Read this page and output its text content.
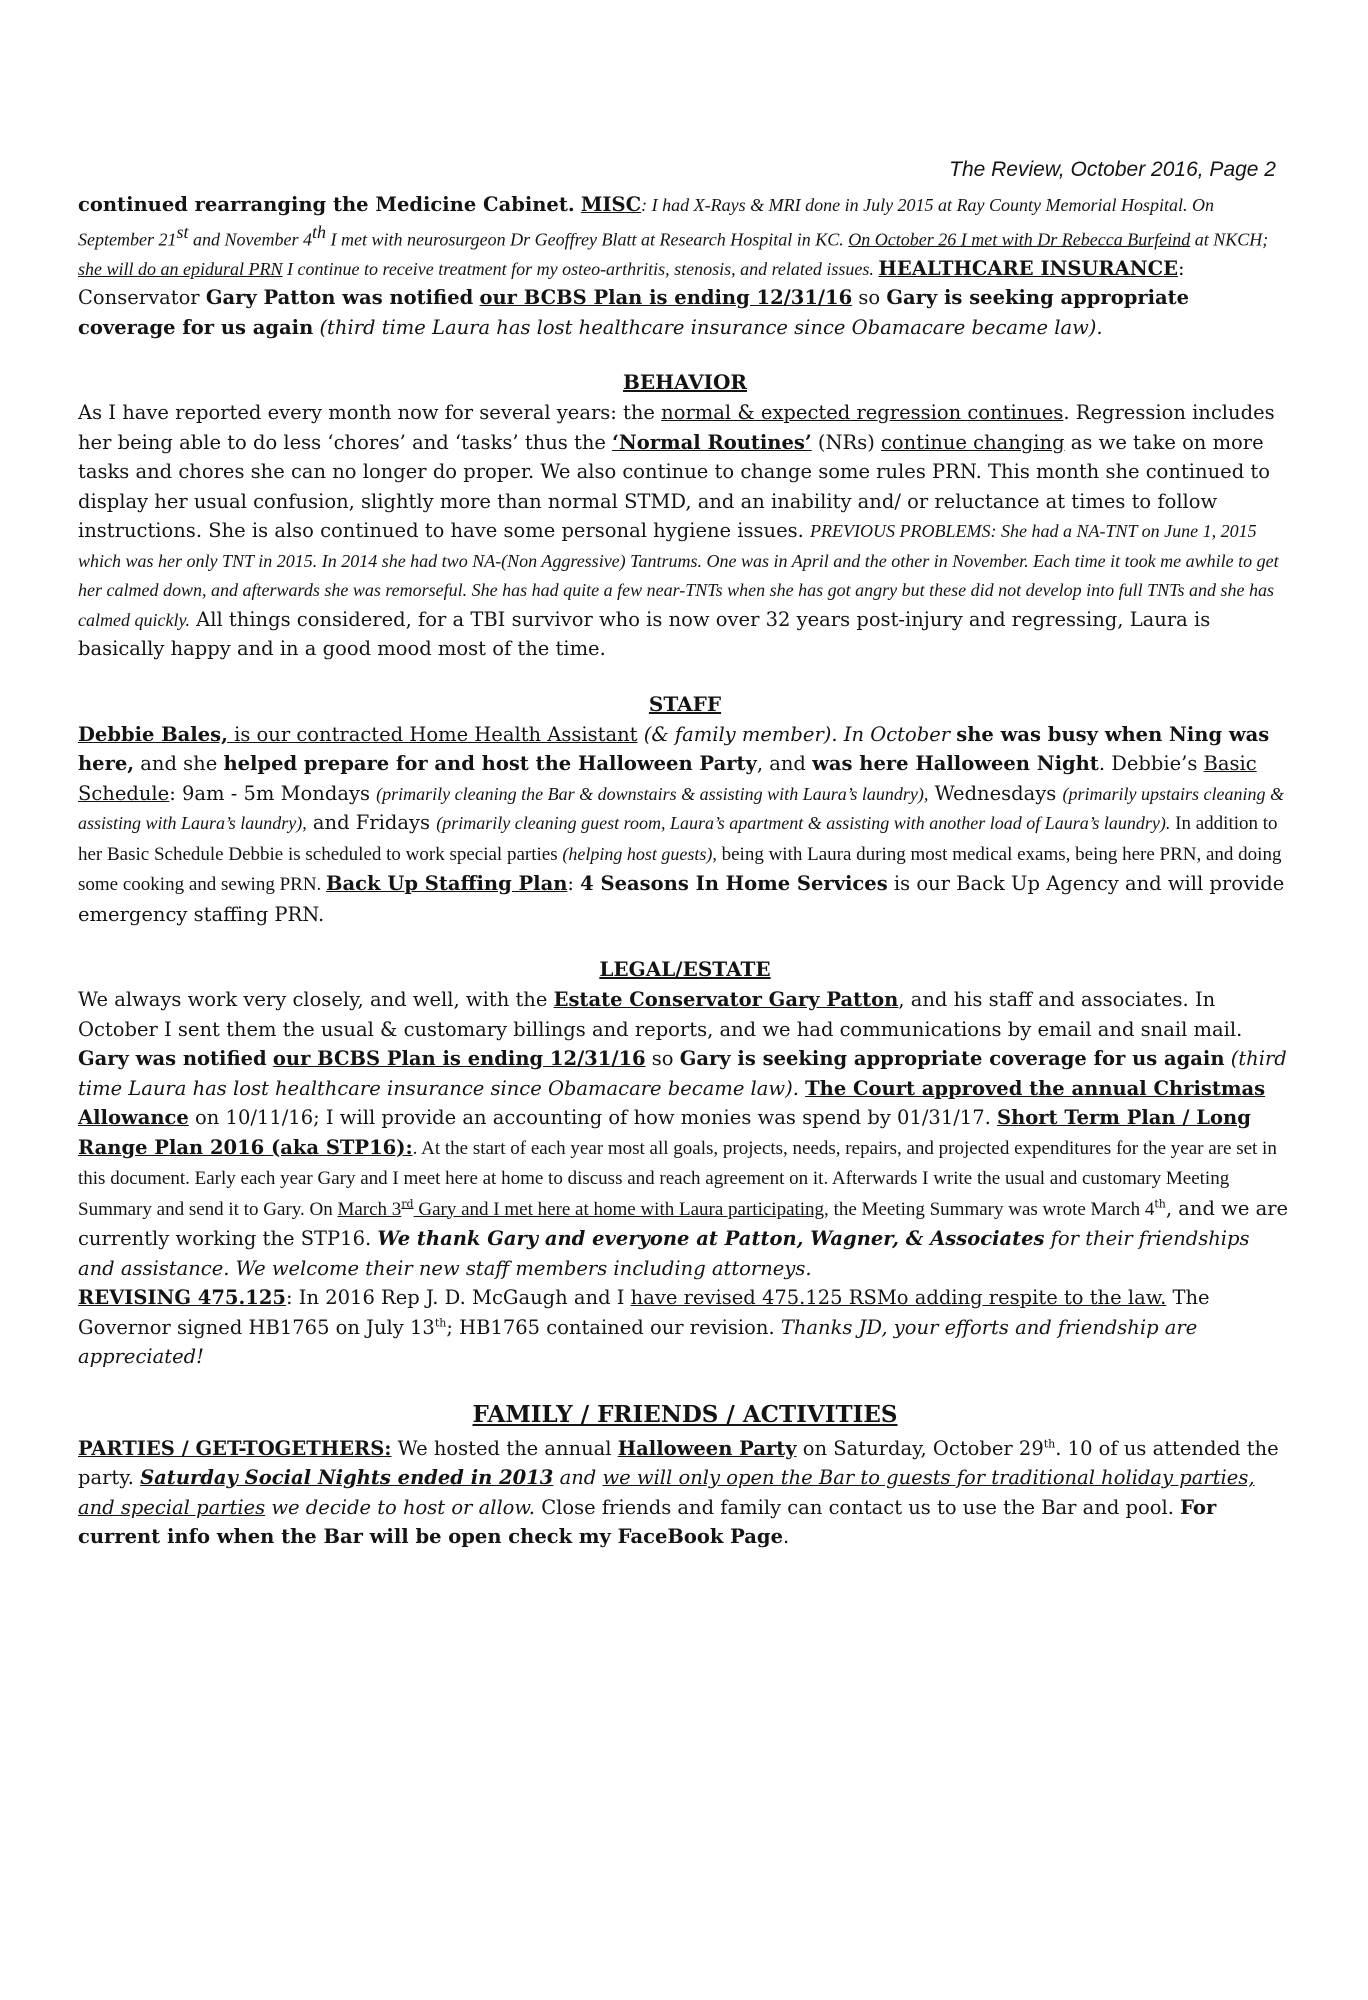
The Review, October 2016, Page 2

continued rearranging the Medicine Cabinet. MISC: I had X-Rays & MRI done in July 2015 at Ray County Memorial Hospital. On September 21st and November 4th I met with neurosurgeon Dr Geoffrey Blatt at Research Hospital in KC. On October 26 I met with Dr Rebecca Burfeind at NKCH; she will do an epidural PRN I continue to receive treatment for my osteo-arthritis, stenosis, and related issues. HEALTHCARE INSURANCE: Conservator Gary Patton was notified our BCBS Plan is ending 12/31/16 so Gary is seeking appropriate coverage for us again (third time Laura has lost healthcare insurance since Obamacare became law).

BEHAVIOR

As I have reported every month now for several years: the normal & expected regression continues. Regression includes her being able to do less ‘chores’ and ‘tasks’ thus the ‘Normal Routines’ (NRs) continue changing as we take on more tasks and chores she can no longer do proper. We also continue to change some rules PRN. This month she continued to display her usual confusion, slightly more than normal STMD, and an inability and/ or reluctance at times to follow instructions. She is also continued to have some personal hygiene issues. PREVIOUS PROBLEMS: She had a NA-TNT on June 1, 2015 which was her only TNT in 2015. In 2014 she had two NA-(Non Aggressive) Tantrums. One was in April and the other in November. Each time it took me awhile to get her calmed down, and afterwards she was remorseful. She has had quite a few near-TNTs when she has got angry but these did not develop into full TNTs and she has calmed quickly. All things considered, for a TBI survivor who is now over 32 years post-injury and regressing, Laura is basically happy and in a good mood most of the time.

STAFF

Debbie Bales, is our contracted Home Health Assistant (& family member). In October she was busy when Ning was here, and she helped prepare for and host the Halloween Party, and was here Halloween Night. Debbie’s Basic Schedule: 9am - 5m Mondays (primarily cleaning the Bar & downstairs & assisting with Laura’s laundry), Wednesdays (primarily upstairs cleaning & assisting with Laura’s laundry), and Fridays (primarily cleaning guest room, Laura’s apartment & assisting with another load of Laura’s laundry). In addition to her Basic Schedule Debbie is scheduled to work special parties (helping host guests), being with Laura during most medical exams, being here PRN, and doing some cooking and sewing PRN. Back Up Staffing Plan: 4 Seasons In Home Services is our Back Up Agency and will provide emergency staffing PRN.

LEGAL/ESTATE

We always work very closely, and well, with the Estate Conservator Gary Patton, and his staff and associates. In October I sent them the usual & customary billings and reports, and we had communications by email and snail mail. Gary was notified our BCBS Plan is ending 12/31/16 so Gary is seeking appropriate coverage for us again (third time Laura has lost healthcare insurance since Obamacare became law). The Court approved the annual Christmas Allowance on 10/11/16; I will provide an accounting of how monies was spend by 01/31/17. Short Term Plan / Long Range Plan 2016 (aka STP16):. At the start of each year most all goals, projects, needs, repairs, and projected expenditures for the year are set in this document. Early each year Gary and I meet here at home to discuss and reach agreement on it. Afterwards I write the usual and customary Meeting Summary and send it to Gary. On March 3rd Gary and I met here at home with Laura participating, the Meeting Summary was wrote March 4th, and we are currently working the STP16. We thank Gary and everyone at Patton, Wagner, & Associates for their friendships and assistance. We welcome their new staff members including attorneys.
REVISING 475.125: In 2016 Rep J. D. McGaugh and I have revised 475.125 RSMo adding respite to the law. The Governor signed HB1765 on July 13th; HB1765 contained our revision. Thanks JD, your efforts and friendship are appreciated!

FAMILY / FRIENDS / ACTIVITIES

PARTIES / GET-TOGETHERS: We hosted the annual Halloween Party on Saturday, October 29th. 10 of us attended the party. Saturday Social Nights ended in 2013 and we will only open the Bar to guests for traditional holiday parties, and special parties we decide to host or allow. Close friends and family can contact us to use the Bar and pool. For current info when the Bar will be open check my FaceBook Page.
